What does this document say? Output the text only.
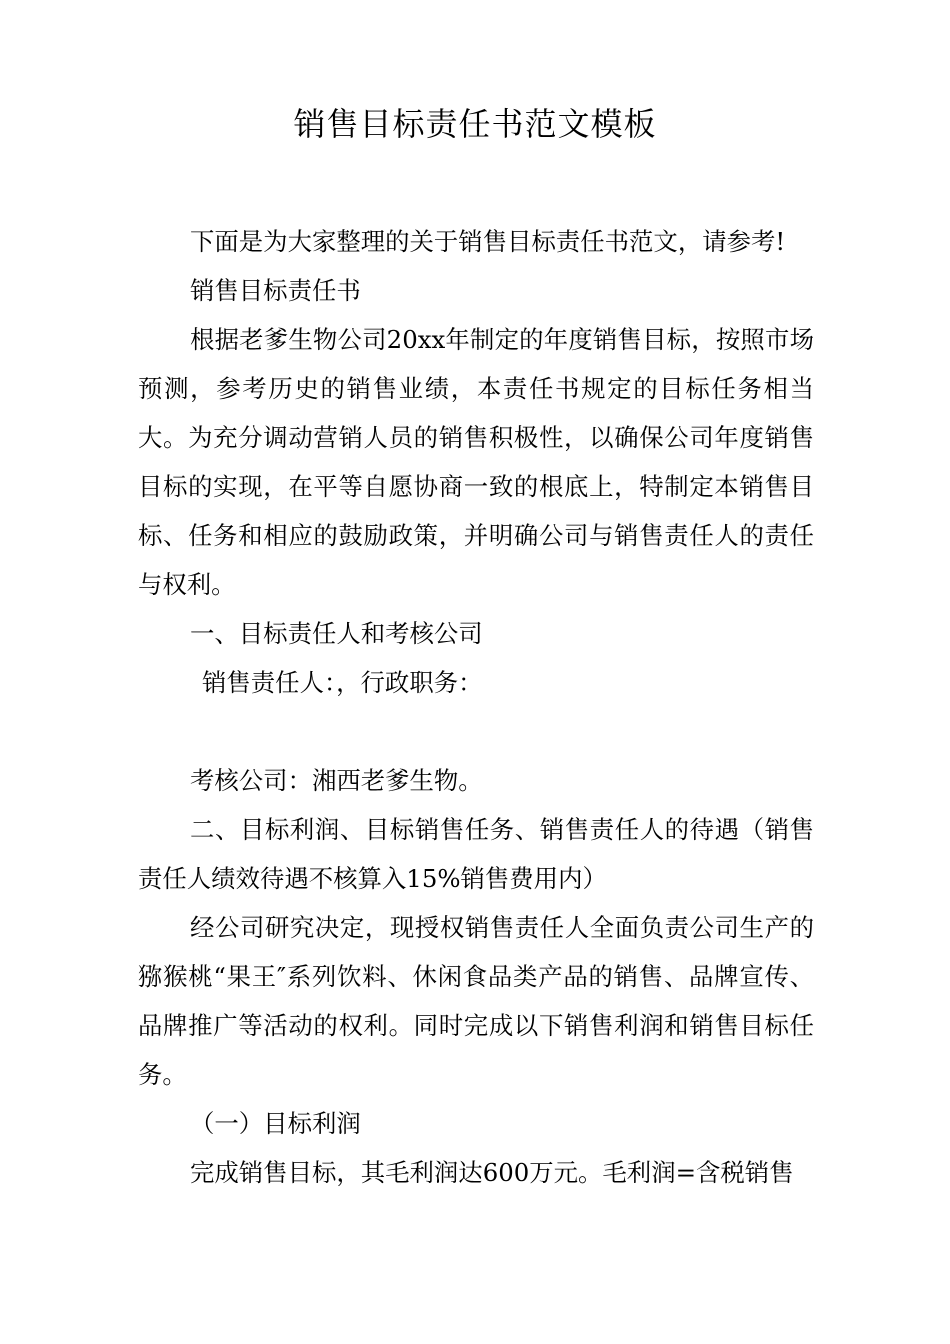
销售目标责任书范文模板

下面是为大家整理的关于销售目标责任书范文，请参考!

销售目标责任书

根据老爹生物公司20xx年制定的年度销售目标，按照市场预测，参考历史的销售业绩，本责任书规定的目标任务相当大。为充分调动营销人员的销售积极性，以确保公司年度销售目标的实现，在平等自愿协商一致的根底上，特制定本销售目标、任务和相应的鼓励政策，并明确公司与销售责任人的责任与权利。

一、目标责任人和考核公司

销售责任人：，行政职务：

考核公司：湘西老爹生物。

二、目标利润、目标销售任务、销售责任人的待遇（销售责任人绩效待遇不核算入15%销售费用内）

经公司研究决定，现授权销售责任人全面负责公司生产的猕猴桃“果王″系列饮料、休闲食品类产品的销售、品牌宣传、品牌推广等活动的权利。同时完成以下销售利润和销售目标任务。

（一）目标利润

完成销售目标，其毛利润达600万元。毛利润=含税销售
